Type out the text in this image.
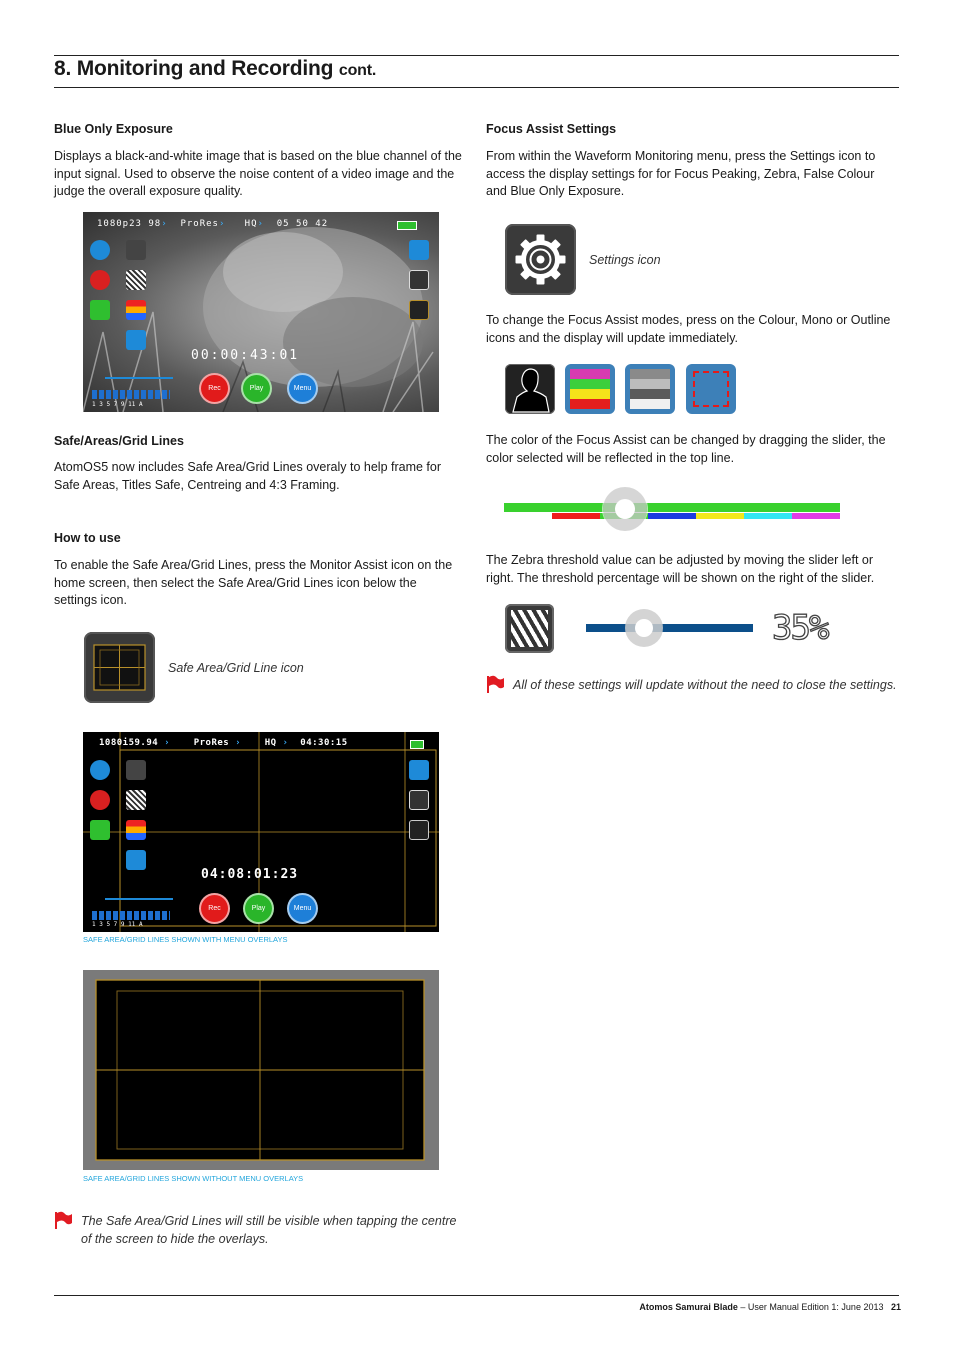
8. Monitoring and Recording cont.
Blue Only Exposure
Displays a black-and-white image that is based on the blue channel of the input signal. Used to observe the noise content of a video image and the judge the overall exposure quality.
1080p23 98› ProRes› HQ› 05 50 42
00:00:43:01
Rec	Play	Menu
1 3 5 7 9 11 A
Safe/Areas/Grid Lines
AtomOS5 now includes Safe Area/Grid Lines overaly to help frame for Safe Areas, Titles Safe, Centreing and 4:3 Framing.
How to use
To enable the Safe Area/Grid Lines, press the Monitor Assist icon on the home screen, then select the Safe Area/Grid Lines icon below the settings icon.
Safe Area/Grid Line icon
1080i59.94 ›	ProRes ›	HQ › 04:30:15
04:08:01:23
Rec	Play	Menu
1 3 5 7 9 11 A
SAFE AREA/GRID LINES SHOWN WITH MENU OVERLAYS
SAFE AREA/GRID LINES SHOWN WITHOUT MENU OVERLAYS
The Safe Area/Grid Lines will still be visible when tapping the centre of the screen to hide the overlays.
Focus Assist Settings
From within the Waveform Monitoring menu, press the Settings icon to access the display settings for for Focus Peaking, Zebra, False Colour and Blue Only Exposure.
Settings icon
To change the Focus Assist modes, press on the Colour, Mono or Outline icons and the display will update immediately.
The color of the Focus Assist can be changed by dragging the slider, the color selected will be reflected in the top line.
The Zebra threshold value can be adjusted by moving the slider left or right. The threshold percentage will be shown on the right of the slider.
35%
All of these settings will update without the need to close the settings.
Atomos Samurai Blade – User Manual Edition 1: June 2013 21
